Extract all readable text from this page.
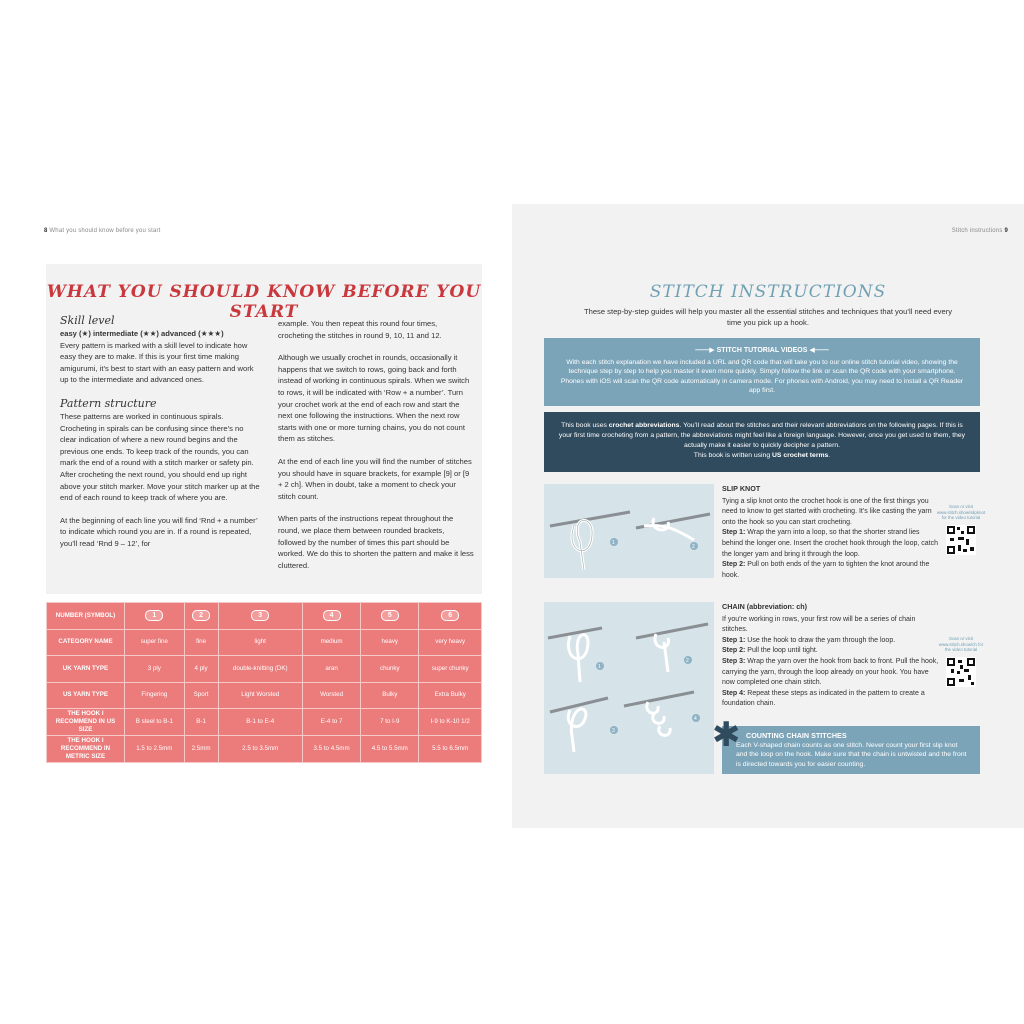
8 What you should know before you start
WHAT YOU SHOULD KNOW BEFORE YOU START
Skill level
easy (★) intermediate (★★) advanced (★★★)

Every pattern is marked with a skill level to indicate how easy they are to make. If this is your first time making amigurumi, it’s best to start with an easy pattern and work up to the intermediate and advanced ones.

Pattern structure

These patterns are worked in continuous spirals. Crocheting in spirals can be confusing since there’s no clear indication of where a new round begins and the previous one ends. To keep track of the rounds, you can mark the end of a round with a stitch marker or safety pin. After crocheting the next round, you should end up right above your stitch marker. Move your stitch marker up at the end of each round to keep track of where you are.

At the beginning of each line you will find ‘Rnd + a number’ to indicate which round you are in. If a round is repeated, you’ll read ‘Rnd 9 – 12’, for

example. You then repeat this round four times, crocheting the stitches in round 9, 10, 11 and 12.

Although we usually crochet in rounds, occasionally it happens that we switch to rows, going back and forth instead of working in continuous spirals. When we switch to rows, it will be indicated with ‘Row + a number’. Turn your crochet work at the end of each row and start the next one following the instructions. When the next row starts with one or more turning chains, you do not count them as stitches.

At the end of each line you will find the number of stitches you should have in square brackets, for example [9] or [9 + 2 ch]. When in doubt, take a moment to check your stitch count.

When parts of the instructions repeat throughout the round, we place them between rounded brackets, followed by the number of times this part should be worked. We do this to shorten the pattern and make it less cluttered.

NUMBER (SYMBOL)	1	2	3	4	5	6
CATEGORY NAME	super fine	fine	light	medium	heavy	very heavy
UK YARN TYPE	3 ply	4 ply	double-knitting (DK)	aran	chunky	super chunky
US YARN TYPE	Fingering	Sport	Light Worsted	Worsted	Bulky	Extra Bulky
THE HOOK I RECOMMEND IN US SIZE	B steel to B-1	B-1	B-1 to E-4	E-4 to 7	7 to I-9	I-9 to K-10 1/2
THE HOOK I RECOMMEND IN METRIC SIZE	1.5 to 2.5mm	2.5mm	2.5 to 3.5mm	3.5 to 4.5mm	4.5 to 5.5mm	5.5 to 6.5mm
Stitch instructions 9
STITCH INSTRUCTIONS
These step-by-step guides will help you master all the essential stitches and techniques that you’ll need every time you pick up a hook.
——▶ STITCH TUTORIAL VIDEOS ◀——
With each stitch explanation we have included a URL and QR code that will take you to our online stitch tutorial video, showing the technique step by step to help you master it even more quickly. Simply follow the link or scan the QR code with your smartphone. Phones with iOS will scan the QR code automatically in camera mode. For phones with Android, you may need to install a QR Reader app first.
This book uses crochet abbreviations. You’ll read about the stitches and their relevant abbreviations on the following pages. If this is your first time crocheting from a pattern, the abbreviations might feel like a foreign language. However, once you get used to them, they actually make it easier to quickly decipher a pattern.
This book is written using US crochet terms.
1
2
SLIP KNOT
Tying a slip knot onto the crochet hook is one of the first things you need to know to get started with crocheting. It’s like casting the yarn onto the hook so you can start crocheting.
Step 1: Wrap the yarn into a loop, so that the shorter strand lies behind the longer one. Insert the crochet hook through the loop, catch the longer yarn and bring it through the loop.
Step 2: Pull on both ends of the yarn to tighten the knot around the hook.
Scan or visit www.stitch.show/slipknot for the video tutorial
1
2
3
4
CHAIN (abbreviation: ch)
If you’re working in rows, your first row will be a series of chain stitches.
Step 1: Use the hook to draw the yarn through the loop.
Step 2: Pull the loop until tight.
Step 3: Wrap the yarn over the hook from back to front. Pull the hook, carrying the yarn, through the loop already on your hook. You have now completed one chain stitch.
Step 4: Repeat these steps as indicated in the pattern to create a foundation chain.
Scan or visit www.stitch.show/ch for the video tutorial
COUNTING CHAIN STITCHES
Each V-shaped chain counts as one stitch. Never count your first slip knot and the loop on the hook. Make sure that the chain is untwisted and the front is directed towards you for easier counting.
✱
